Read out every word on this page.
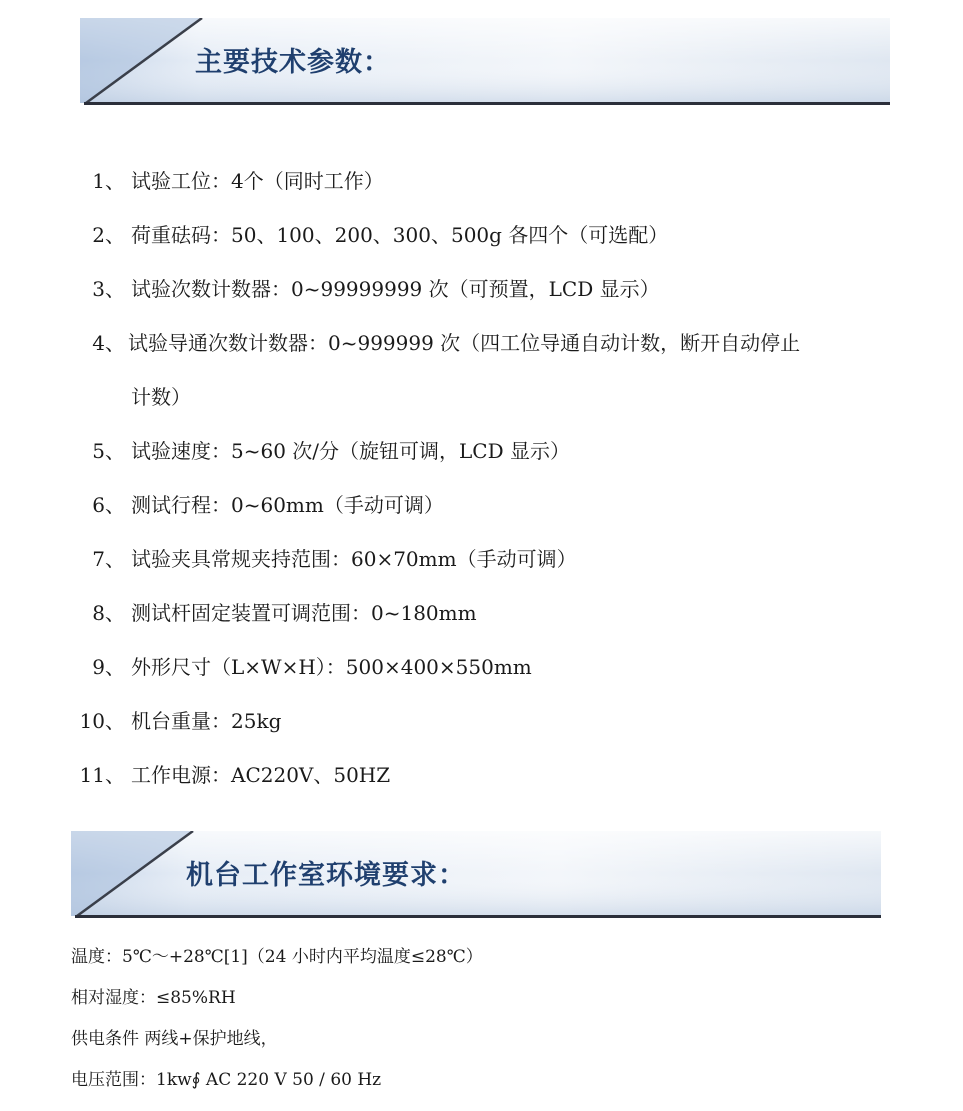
主要技术参数：
1、 试验工位：4个（同时工作）
2、 荷重砝码：50、100、200、300、500g 各四个（可选配）
3、 试验次数计数器：0~99999999 次（可预置，LCD 显示）
4、 试验导通次数计数器：0~999999 次（四工位导通自动计数，断开自动停止
计数）
5、 试验速度：5~60 次/分（旋钮可调，LCD 显示）
6、 测试行程：0~60mm（手动可调）
7、 试验夹具常规夹持范围：60×70mm（手动可调）
8、 测试杆固定装置可调范围：0~180mm
9、 外形尺寸（L×W×H）：500×400×550mm
10、 机台重量：25kg
11、 工作电源：AC220V、50HZ
机台工作室环境要求：
温度：5℃～+28℃[1]（24 小时内平均温度≤28℃）
相对湿度：≤85%RH
供电条件 两线+保护地线，
电压范围：1kw∮ AC 220 V 50 / 60 Hz
